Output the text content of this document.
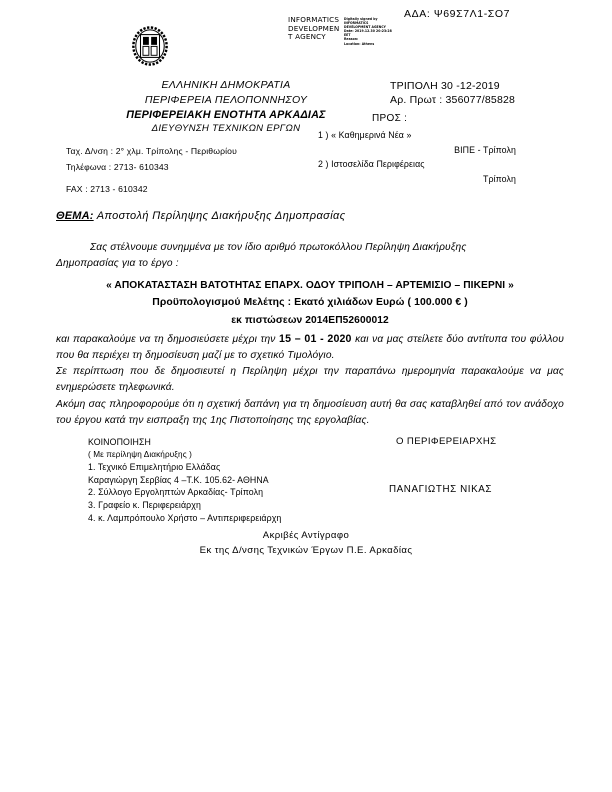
ΑΔΑ: Ψ69Σ7Λ1-ΣΟ7
INFORMATICS
DEVELOPMEN
T AGENCYDigitally signed by
INFORMATICS
DEVELOPMENT AGENCY
Date: 2019.12.30 20:23:28
EET
Reason:
Location: Athens
ΕΛΛΗΝΙΚΗ ΔΗΜΟΚΡΑΤΙΑ
ΠΕΡΙΦΕΡΕΙΑ ΠΕΛΟΠΟΝΝΗΣΟΥ
ΠΕΡΙΦΕΡΕΙΑΚΗ ΕΝΟΤΗΤΑ ΑΡΚΑΔΙΑΣ
ΔΙΕΥΘΥΝΣΗ ΤΕΧΝΙΚΩΝ ΕΡΓΩΝ
ΤΡΙΠΟΛΗ 30 -12-2019
Αρ. Πρωτ : 356077/85828
Ταχ. Δ/νση : 2° χλμ. Τρίπολης - Περιθωρίου
Τηλέφωνα : 2713- 610343
FAX : 2713 - 610342
ΠΡΟΣ :
1 ) « Καθημερινά Νέα »
ΒΙΠΕ - Τρίπολη
2 ) Ιστοσελίδα Περιφέρειας
Τρίπολη
ΘΕΜΑ: Αποστολή Περίληψης Διακήρυξης Δημοπρασίας
Σας στέλνουμε συνημμένα με τον ίδιο αριθμό πρωτοκόλλου Περίληψη Διακήρυξης
Δημοπρασίας για το έργο :
« ΑΠΟΚΑΤΑΣΤΑΣΗ ΒΑΤΟΤΗΤΑΣ ΕΠΑΡΧ. ΟΔΟΥ ΤΡΙΠΟΛΗ – ΑΡΤΕΜΙΣΙΟ – ΠΙΚΕΡΝΙ »
Προϋπολογισμού Μελέτης : Εκατό χιλιάδων Ευρώ ( 100.000 € )
εκ πιστώσεων 2014ΕΠ52600012
και παρακαλούμε να τη δημοσιεύσετε μέχρι την 15 – 01 - 2020 και να μας στείλετε δύο αντίτυπα του φύλλου που θα περιέχει τη δημοσίευση μαζί με το σχετικό Τιμολόγιο.
Σε περίπτωση που δε δημοσιευτεί η Περίληψη μέχρι την παραπάνω ημερομηνία παρακαλούμε να μας ενημερώσετε τηλεφωνικά.
Ακόμη σας πληροφορούμε ότι η σχετική δαπάνη για τη δημοσίευση αυτή θα σας καταβληθεί από τον ανάδοχο του έργου κατά την εισπραξη της 1ης Πιστοποίησης της εργολαβίας.
ΚΟΙΝΟΠΟΙΗΣΗ
( Με περίληψη Διακήρυξης )
1. Τεχνικό Επιμελητήριο Ελλάδας
Καραγιώργη Σερβίας 4 –Τ.Κ. 105.62- ΑΘΗΝΑ
2. Σύλλογο Εργοληπτών Αρκαδίας- Τρίπολη
3. Γραφείο κ. Περιφερειάρχη
4. κ. Λαμπρόπουλο Χρήστο – Αντιπεριφερειάρχη
Ο ΠΕΡΙΦΕΡΕΙΑΡΧΗΣ
ΠΑΝΑΓΙΩΤΗΣ ΝΙΚΑΣ
Ακριβές Αντίγραφο
Εκ της Δ/νσης Τεχνικών Έργων Π.Ε. Αρκαδίας
